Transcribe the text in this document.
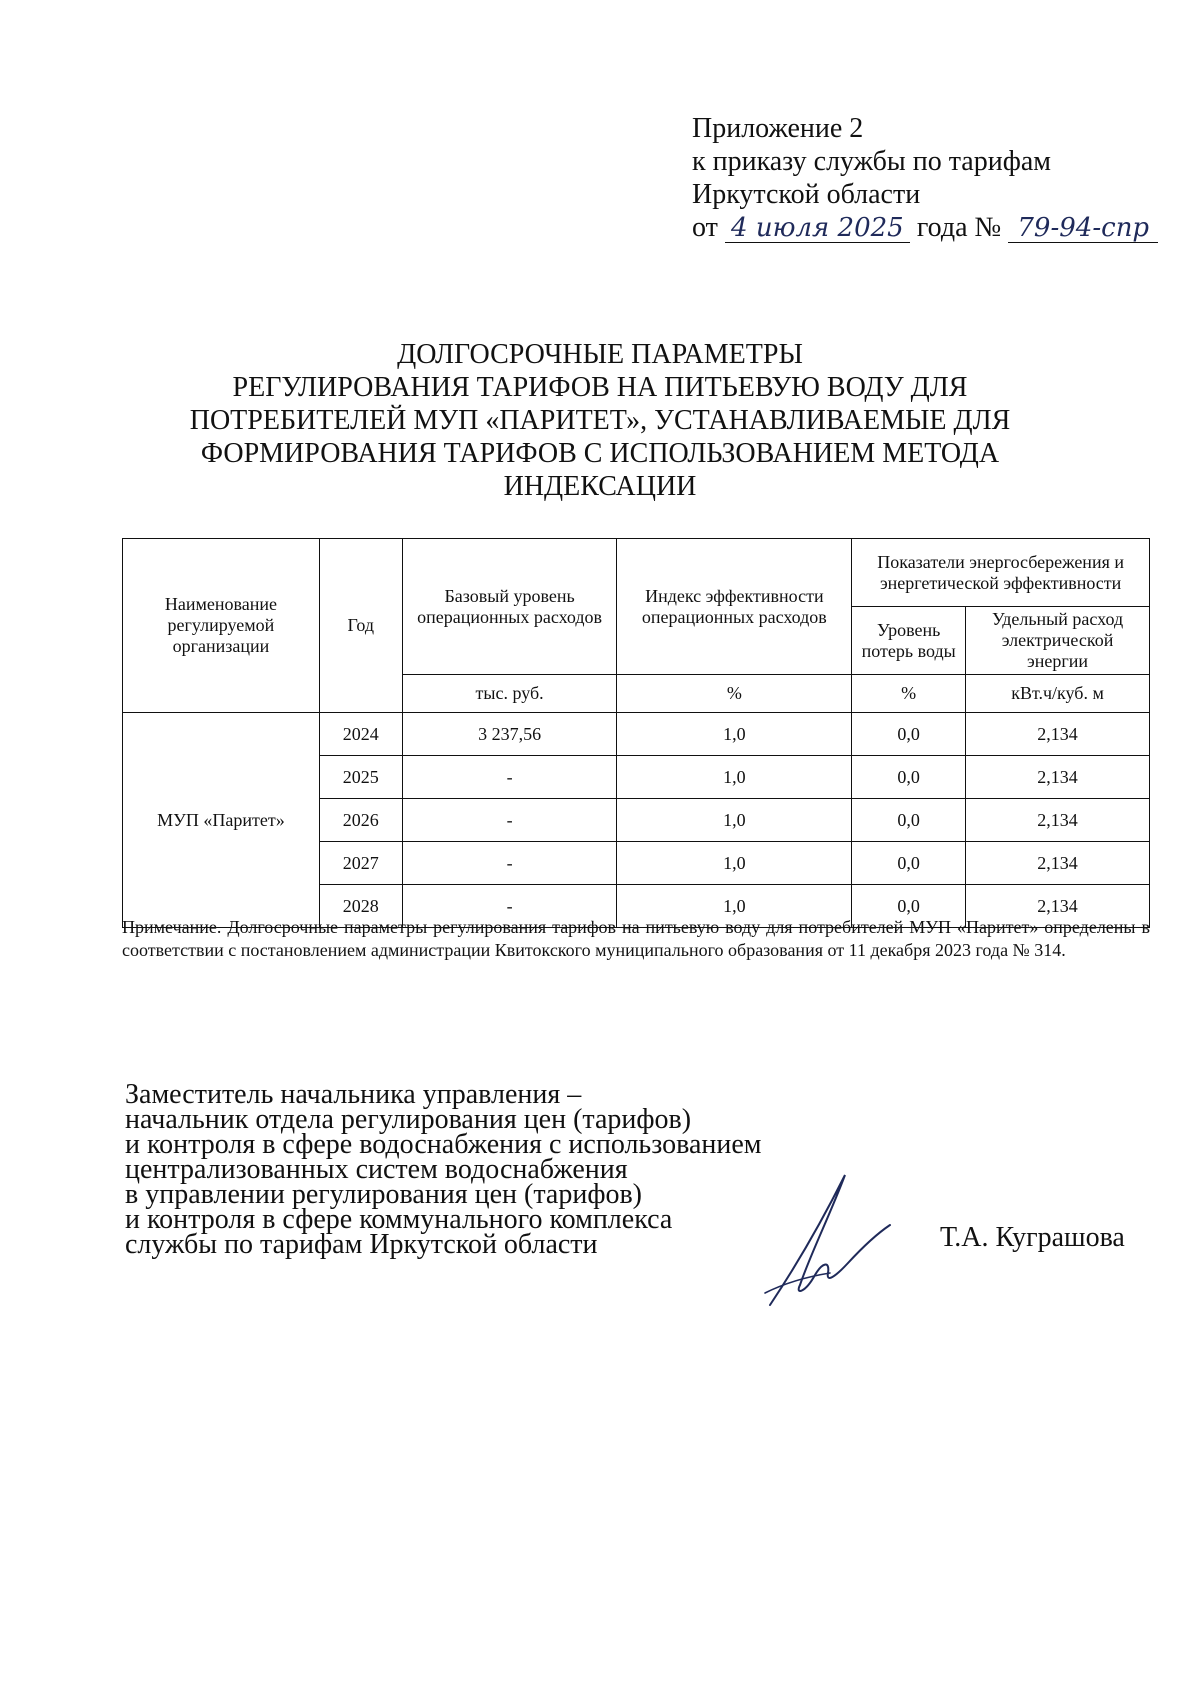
Приложение 2
к приказу службы по тарифам
Иркутской области
от 4 июля 2025 года № 79-94-спр
ДОЛГОСРОЧНЫЕ ПАРАМЕТРЫ
РЕГУЛИРОВАНИЯ ТАРИФОВ НА ПИТЬЕВУЮ ВОДУ ДЛЯ
ПОТРЕБИТЕЛЕЙ МУП «ПАРИТЕТ», УСТАНАВЛИВАЕМЫЕ ДЛЯ
ФОРМИРОВАНИЯ ТАРИФОВ С ИСПОЛЬЗОВАНИЕМ МЕТОДА
ИНДЕКСАЦИИ
Наименование регулируемой организации	Год	Базовый уровень операционных расходов	Индекс эффективности операционных расходов	Показатели энергосбережения и энергетической эффективности	
				Уровень потерь воды	Удельный расход электрической энергии
		тыс. руб.	%	%	кВт.ч/куб. м
МУП «Паритет»	2024	3 237,56	1,0	0,0	2,134
	2025	-	1,0	0,0	2,134
	2026	-	1,0	0,0	2,134
	2027	-	1,0	0,0	2,134
	2028	-	1,0	0,0	2,134
Примечание. Долгосрочные параметры регулирования тарифов на питьевую воду для потребителей МУП «Паритет» определены в соответствии с постановлением администрации Квитокского муниципального образования от 11 декабря 2023 года № 314.
Заместитель начальника управления –
начальник отдела регулирования цен (тарифов)
и контроля в сфере водоснабжения с использованием
централизованных систем водоснабжения
в управлении регулирования цен (тарифов)
и контроля в сфере коммунального комплекса
службы по тарифам Иркутской области	Т.А. Куграшова
